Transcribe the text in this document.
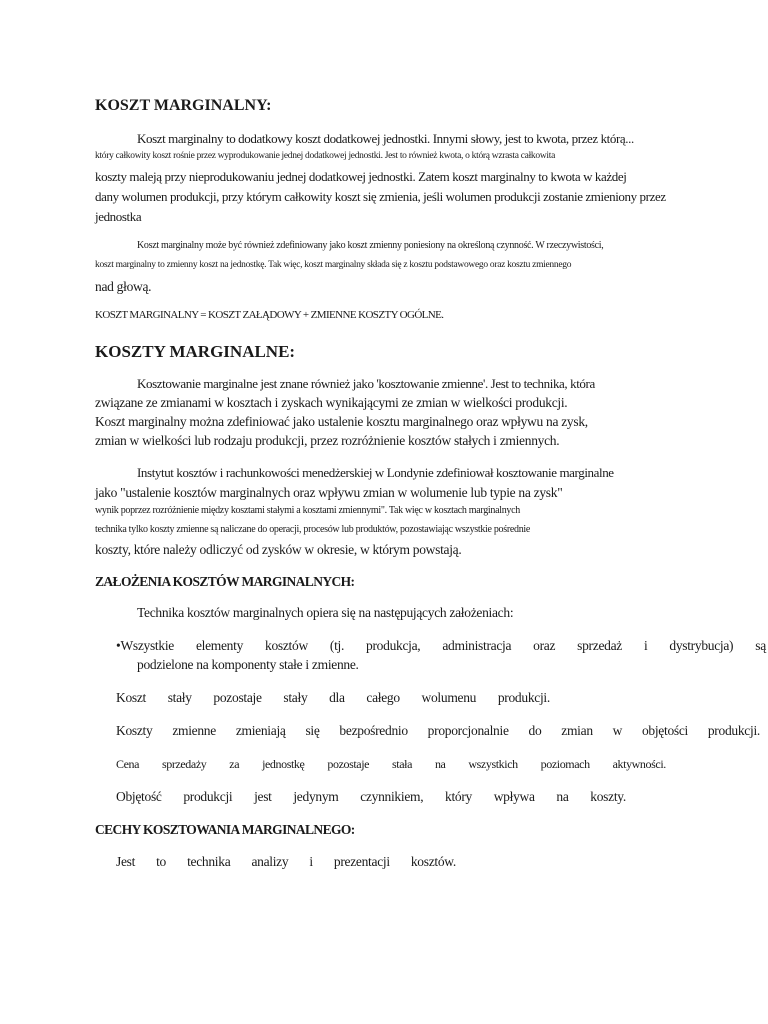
KOSZT MARGINALNY:
Koszt marginalny to dodatkowy koszt dodatkowej jednostki. Innymi słowy, jest to kwota, przez którą...
który całkowity koszt rośnie przez wyprodukowanie jednej dodatkowej jednostki. Jest to również kwota, o którą wzrasta całkowita
koszty maleją przy nieprodukowaniu jednej dodatkowej jednostki. Zatem koszt marginalny to kwota w każdej
dany wolumen produkcji, przy którym całkowity koszt się zmienia, jeśli wolumen produkcji zostanie zmieniony przez
jednostka
Koszt marginalny może być również zdefiniowany jako koszt zmienny poniesiony na określoną czynność. W rzeczywistości,
koszt marginalny to zmienny koszt na jednostkę. Tak więc, koszt marginalny składa się z kosztu podstawowego oraz kosztu zmiennego
nad głową.
KOSZT MARGINALNY = KOSZT ZAŁĄDOWY + ZMIENNE KOSZTY OGÓLNE.
KOSZTY MARGINALNE:
Kosztowanie marginalne jest znane również jako 'kosztowanie zmienne'. Jest to technika, która
związane ze zmianami w kosztach i zyskach wynikającymi ze zmian w wielkości produkcji.
Koszt marginalny można zdefiniować jako ustalenie kosztu marginalnego oraz wpływu na zysk,
zmian w wielkości lub rodzaju produkcji, przez rozróżnienie kosztów stałych i zmiennych.
Instytut kosztów i rachunkowości menedżerskiej w Londynie zdefiniował kosztowanie marginalne
jako "ustalenie kosztów marginalnych oraz wpływu zmian w wolumenie lub typie na zysk"
wynik poprzez rozróżnienie między kosztami stałymi a kosztami zmiennymi". Tak więc w kosztach marginalnych
technika tylko koszty zmienne są naliczane do operacji, procesów lub produktów, pozostawiając wszystkie pośrednie
koszty, które należy odliczyć od zysków w okresie, w którym powstają.
ZAŁOŻENIA KOSZTÓW MARGINALNYCH:
Technika kosztów marginalnych opiera się na następujących założeniach:
•Wszystkie elementy kosztów (tj. produkcja, administracja oraz sprzedaż i dystrybucja) są
podzielone na komponenty stałe i zmienne.
Koszt stały pozostaje stały dla całego wolumenu produkcji.
Koszty zmienne zmieniają się bezpośrednio proporcjonalnie do zmian w objętości produkcji.
Cena sprzedaży za jednostkę pozostaje stała na wszystkich poziomach aktywności.
Objętość produkcji jest jedynym czynnikiem, który wpływa na koszty.
CECHY KOSZTOWANIA MARGINALNEGO:
Jest to technika analizy i prezentacji kosztów.
